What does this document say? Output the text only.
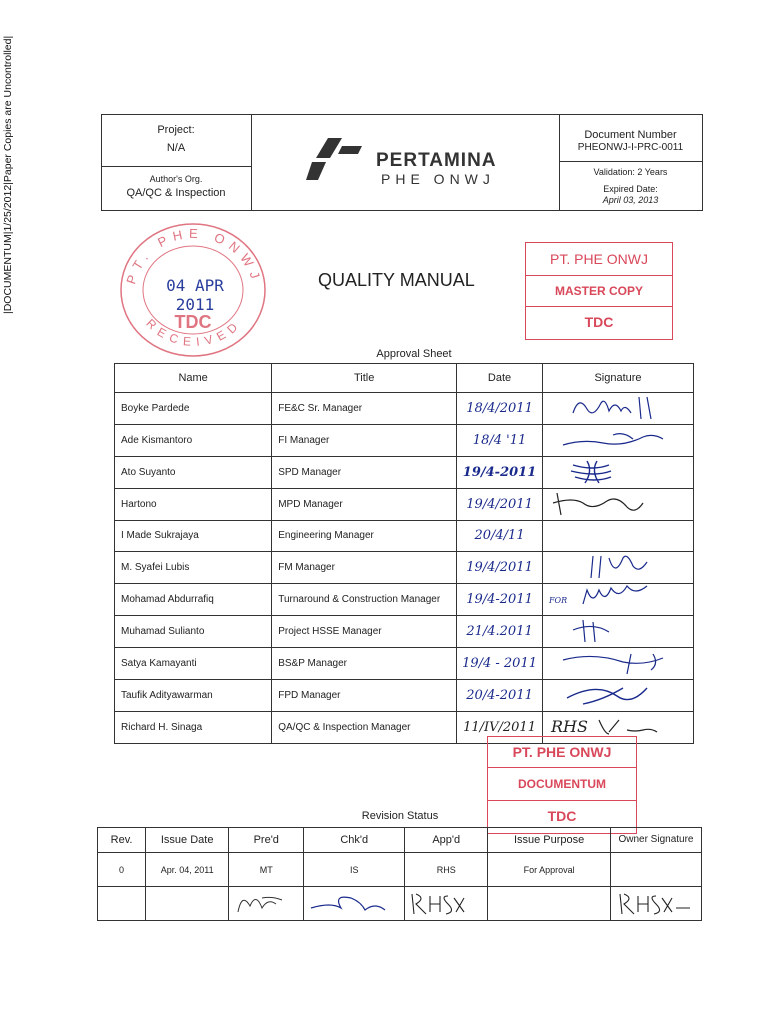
|DOCUMENTUM|1/25/2012|Paper Copies are Uncontrolled|	Project:
N/A
Author's Org.
QA/QC & Inspection
PERTAMINA
PHE ONWJ
Document Number
PHEONWJ-I-PRC-0011
Validation: 2 Years
Expired Date:
April 03, 2013
PT. PHE ONWJ
RECEIVED
TDC
04 APR 2011
QUALITY MANUAL
PT. PHE ONWJ
MASTER COPY
TDC
Approval Sheet
Name	Title	Date	Signature
Boyke Pardede	FE&C Sr. Manager	18/4/2011	
Ade Kismantoro	FI Manager	18/4 '11	
Ato Suyanto	SPD Manager	19/4-2011	
Hartono	MPD Manager	19/4/2011	
I Made Sukrajaya	Engineering Manager	20/4/11	
M. Syafei Lubis	FM Manager	19/4/2011	
Mohamad Abdurrafiq	Turnaround & Construction Manager	19/4-2011	FOR

Muhamad Sulianto	Project HSSE Manager	21/4.2011	
Satya Kamayanti	BS&P Manager	19/4 - 2011	
Taufik Adityawarman	FPD Manager	20/4-2011	
Richard H. Sinaga	QA/QC & Inspection Manager	11/IV/2011	RHS
PT. PHE ONWJ
DOCUMENTUM
TDC
Revision Status
Rev.	Issue Date	Pre'd	Chk'd	App'd	Issue Purpose	Owner Signature
0	Apr. 04, 2011	MT	IS	RHS	For Approval	
